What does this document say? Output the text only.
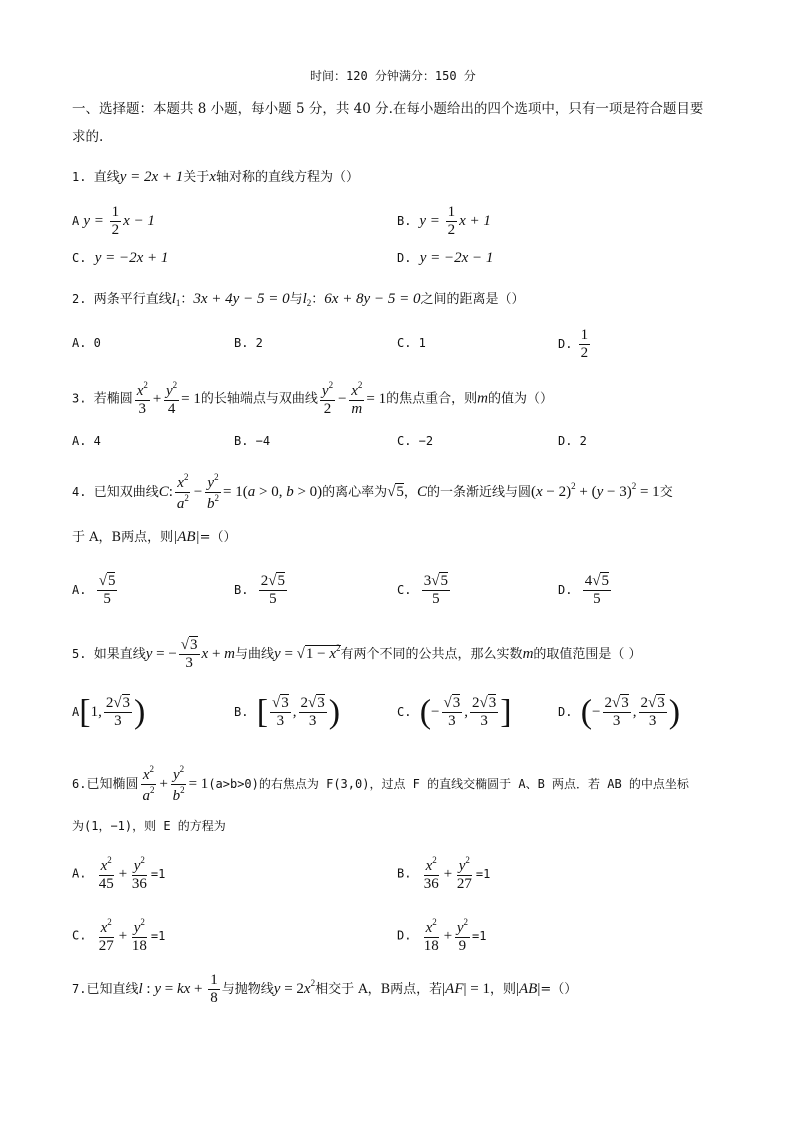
时间：120 分钟满分：150 分
一、选择题：本题共 8 小题，每小题 5 分，共 40 分.在每小题给出的四个选项中，只有一项是符合题目要
求的.
1. 直线y = 2x + 1关于x轴对称的直线方程为（）
A $y = \frac{1}{2}$ x − 1	B.  $y = \frac{1}{2}$ x + 1
C. y = −2x + 1	D. y = −2x − 1
2. 两条平行直线$l_1$：3x + 4y − 5 = 0与$l_2$：6x + 8y − 5 = 0之间的距离是（）
A. 0	B. 2	C. 1	D. $\frac{1}{2}$
3. 若椭圆 $\frac{x^2}{3} + \frac{y^2}{4} = 1$的长轴端点与双曲线 $\frac{y^2}{2} - \frac{x^2}{m} = 1$的焦点重合，则m的值为（）
A. 4	B. −4	C. −2	D. 2
4. 已知双曲线C: $\frac{x^2}{a^2} - \frac{y^2}{b^2} = 1(a > 0$, b > 0)的离心率为√5，C的一条渐近线与圆$(x - 2)^2 + (y - 3)^2 = 1$交
于 A，B两点，则|AB|=（）
A. $\frac{√5}{5}$	B. $\frac{2√5}{5}$	C. $\frac{3√5}{5}$	D. $\frac{4√5}{5}$
5. 如果直线y = − $\frac{√3}{3}$ x + m与曲线$y = √1 - x^2$有两个不同的公共点，那么实数m的取值范围是（ ）
A[1, $\frac{2√3}{3}$ )	B. [ $\frac{√3}{3}$ , $\frac{2√3}{3}$ )	C. (− $\frac{√3}{3}$ , $\frac{2√3}{3}$ ]	D. (− $\frac{2√3}{3}$ , $\frac{2√3}{3}$ )
6.已知椭圆 $\frac{x^2}{a^2} + \frac{y^2}{b^2} = 1(a>b>0)$的右焦点为 F(3,0)，过点 F 的直线交椭圆于 A、B 两点．若 AB 的中点坐标
为(1，−1)，则 E 的方程为
A. $\frac{x^2}{45} + \frac{y^2}{36} =1$	B. $\frac{x^2}{36} + \frac{y^2}{27} =1$
C. $\frac{x^2}{27} + \frac{y^2}{18} =1$	D. $\frac{x^2}{18} + \frac{y^2}{9} =1$
7.已知直线l : y = kx + $\frac{1}{8}$ 与抛物线$y = 2x^2$相交于 A，B两点，若|AF| = 1，则|AB|=（）
